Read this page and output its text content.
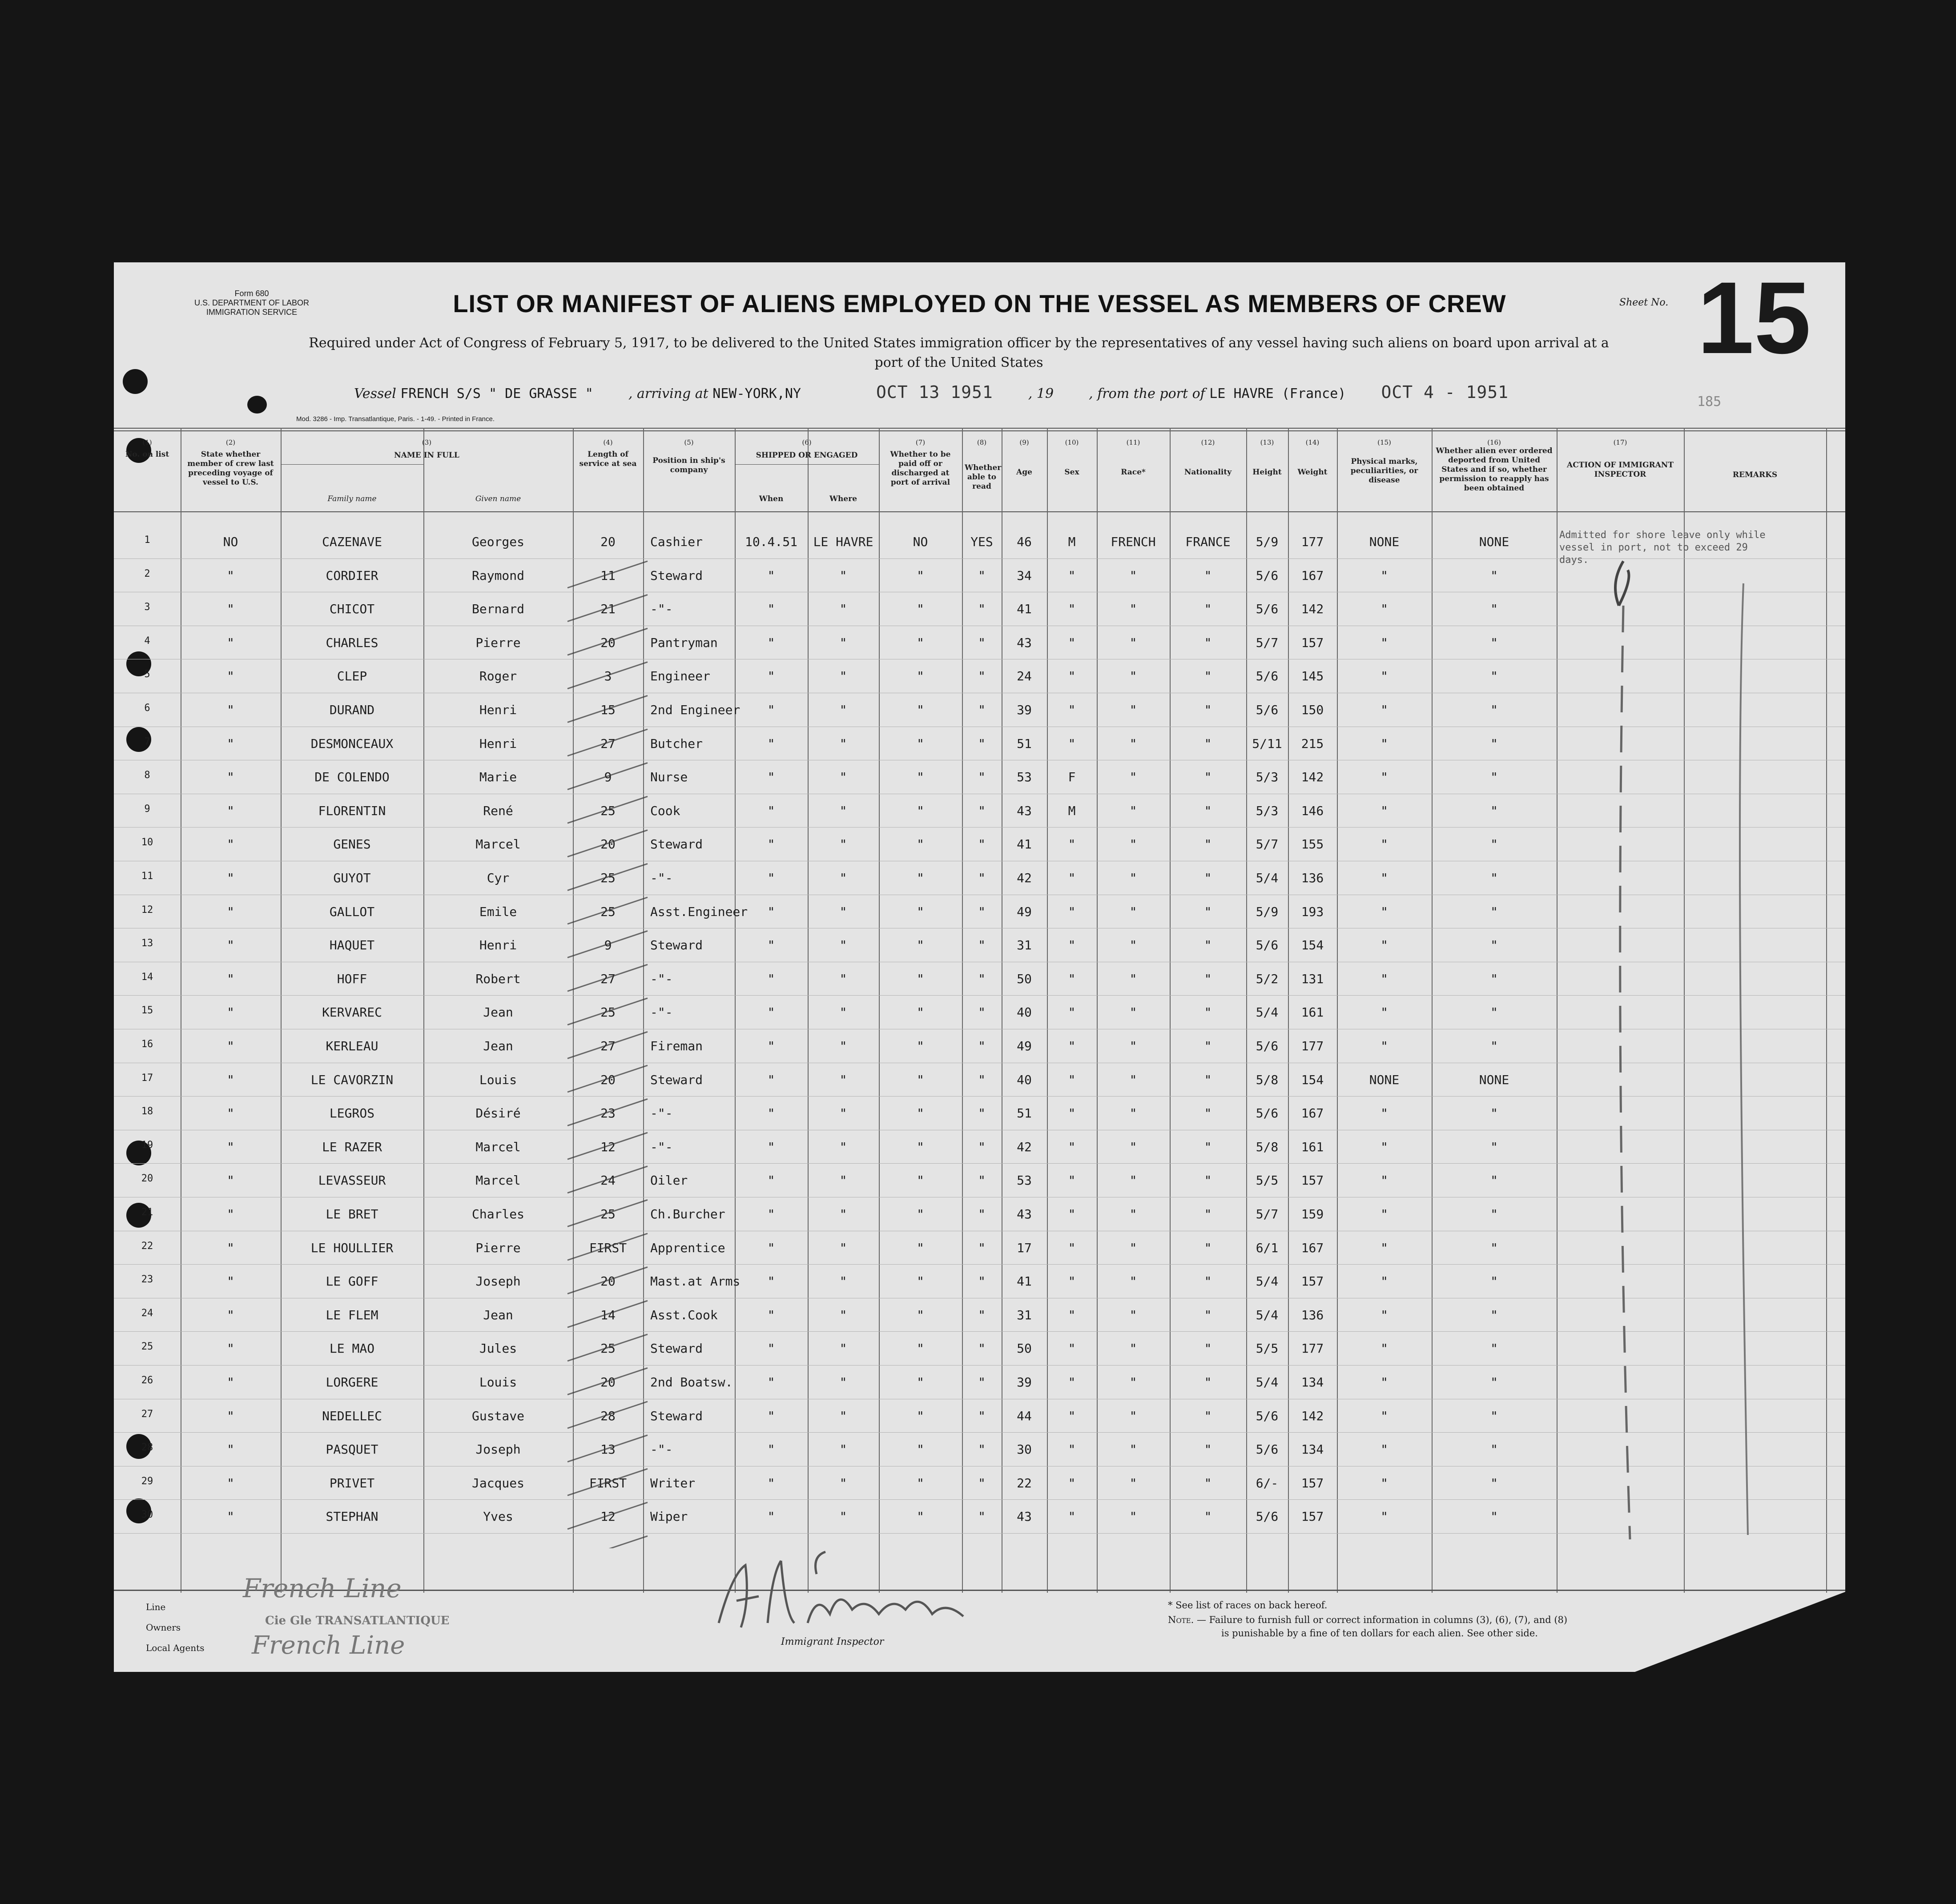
Form 680
U.S. DEPARTMENT OF LABOR
IMMIGRATION SERVICE	LIST OR MANIFEST OF ALIENS EMPLOYED ON THE VESSEL AS MEMBERS OF CREW
Required under Act of Congress of February 5, 1917, to be delivered to the United States immigration officer by the representatives of any vessel having such aliens on board upon arrival at a
port of the United States
Sheet No. 15
185
Vessel FRENCH S/S " DE GRASSE "	, arriving at NEW-YORK,NY	OCT 13 1951	, 19	, from the port of LE HAVRE (France) OCT 4 - 1951
Mod. 3286 - Imp. Transatlantique, Paris. - 1-49. - Printed in France.
(1)	(2)	(3)	(4)	(5)	(6)	(7)	(8)	(9)	(10)	(11)	(12)	(13)	(14)	(15)	(16)	(17)
No. on list	State whether member of crew last preceding voyage of vessel to U.S.
NAME IN FULL
Family name	Given name
Length of service at sea	Position in ship's company
SHIPPED OR ENGAGED
When	Where
Whether to be paid off or discharged at port of arrival
Whether able to read
Age	Sex	Race*	Nationality	Height	Weight
Physical marks, peculiarities, or disease
Whether alien ever ordered deported from United States and if so, whether permission to reapply has been obtained
ACTION OF IMMIGRANT INSPECTOR	REMARKS
1	NO	CAZENAVE	Georges	20	Cashier	10.4.51	LE HAVRE	NO	YES	46	M	FRENCH	FRANCE	5/9	177	NONE	NONE
2	"	CORDIER	Raymond	11	Steward	"	"	"	"	34	"	"	"	5/6	167	"	"
3	"	CHICOT	Bernard	21	-"-	"	"	"	"	41	"	"	"	5/6	142	"	"
4	"	CHARLES	Pierre	20	Pantryman	"	"	"	"	43	"	"	"	5/7	157	"	"
5	"	CLEP	Roger	3	Engineer	"	"	"	"	24	"	"	"	5/6	145	"	"
6	"	DURAND	Henri	15	2nd Engineer	"	"	"	"	39	"	"	"	5/6	150	"	"
7	"	DESMONCEAUX	Henri	27	Butcher	"	"	"	"	51	"	"	"	5/11	215	"	"
8	"	DE COLENDO	Marie	9	Nurse	"	"	"	"	53	F	"	"	5/3	142	"	"
9	"	FLORENTIN	René	25	Cook	"	"	"	"	43	M	"	"	5/3	146	"	"
10	"	GENES	Marcel	20	Steward	"	"	"	"	41	"	"	"	5/7	155	"	"
11	"	GUYOT	Cyr	25	-"-	"	"	"	"	42	"	"	"	5/4	136	"	"
12	"	GALLOT	Emile	25	Asst.Engineer	"	"	"	"	49	"	"	"	5/9	193	"	"
13	"	HAQUET	Henri	9	Steward	"	"	"	"	31	"	"	"	5/6	154	"	"
14	"	HOFF	Robert	27	-"-	"	"	"	"	50	"	"	"	5/2	131	"	"
15	"	KERVAREC	Jean	25	-"-	"	"	"	"	40	"	"	"	5/4	161	"	"
16	"	KERLEAU	Jean	27	Fireman	"	"	"	"	49	"	"	"	5/6	177	"	"
17	"	LE CAVORZIN	Louis	20	Steward	"	"	"	"	40	"	"	"	5/8	154	NONE	NONE
18	"	LEGROS	Désiré	23	-"-	"	"	"	"	51	"	"	"	5/6	167	"	"
19	"	LE RAZER	Marcel	12	-"-	"	"	"	"	42	"	"	"	5/8	161	"	"
20	"	LEVASSEUR	Marcel	24	Oiler	"	"	"	"	53	"	"	"	5/5	157	"	"
21	"	LE BRET	Charles	25	Ch.Burcher	"	"	"	"	43	"	"	"	5/7	159	"	"
22	"	LE HOULLIER	Pierre	FIRST	Apprentice	"	"	"	"	17	"	"	"	6/1	167	"	"
23	"	LE GOFF	Joseph	20	Mast.at Arms	"	"	"	"	41	"	"	"	5/4	157	"	"
24	"	LE FLEM	Jean	14	Asst.Cook	"	"	"	"	31	"	"	"	5/4	136	"	"
25	"	LE MAO	Jules	25	Steward	"	"	"	"	50	"	"	"	5/5	177	"	"
26	"	LORGERE	Louis	20	2nd Boatsw.	"	"	"	"	39	"	"	"	5/4	134	"	"
27	"	NEDELLEC	Gustave	28	Steward	"	"	"	"	44	"	"	"	5/6	142	"	"
28	"	PASQUET	Joseph	13	-"-	"	"	"	"	30	"	"	"	5/6	134	"	"
29	"	PRIVET	Jacques	FIRST	Writer	"	"	"	"	22	"	"	"	6/-	157	"	"
30	"	STEPHAN	Yves	12	Wiper	"	"	"	"	43	"	"	"	5/6	157	"	"
Admitted for shore leave only while vessel in port, not to exceed 29 days.
Line
Owners
Local Agents
French Line
Cie Gle TRANSATLANTIQUE
French Line	Immigrant Inspector
* See list of races on back hereof.
Note. — Failure to furnish full or correct information in columns (3), (6), (7), and (8)
is punishable by a fine of ten dollars for each alien. See other side.
